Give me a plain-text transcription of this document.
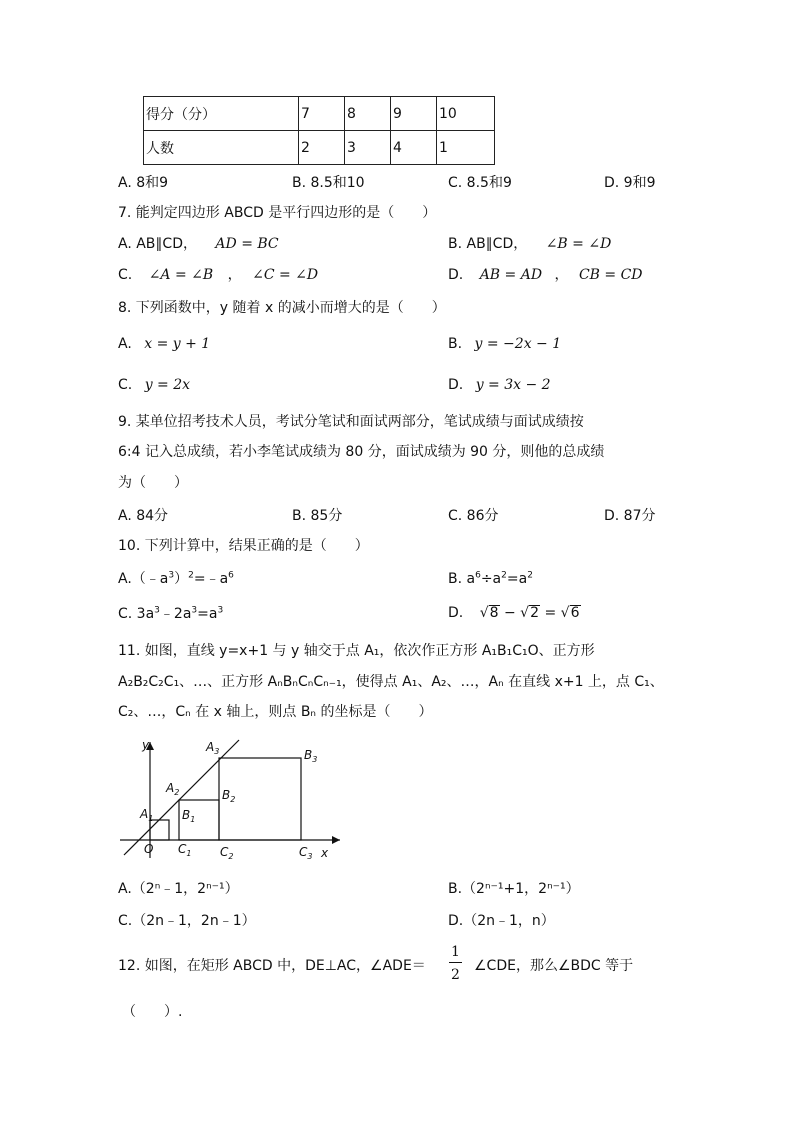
得分（分）	7	8	9	10
人数	2	3	4	1
A. 8和9	B. 8.5和10	C. 8.5和9	D. 9和9
7. 能判定四边形 ABCD 是平行四边形的是（　　）
A. AB∥CD， AD = BC	B. AB∥CD， ∠B = ∠D
C. ∠A = ∠B ， ∠C = ∠D	D. AB = AD ， CB = CD
8. 下列函数中，y 随着 x 的减小而增大的是（　　）
A. x = y + 1	B. y = −2x − 1
C. y = 2x	D. y = 3x − 2
9. 某单位招考技术人员，考试分笔试和面试两部分，笔试成绩与面试成绩按
6:4 记入总成绩，若小李笔试成绩为 80 分，面试成绩为 90 分，则他的总成绩
为（　　）
A. 84分	B. 85分	C. 86分	D. 87分
10. 下列计算中，结果正确的是（　　）
$A.(﹣a^3)^2=﹣a^6$	B. $a^6\div a^2=a^2$
C. $3a^3﹣2a^3=a^3$	D. √8 − √2 = √6
11. 如图，直线 y=x+1 与 y 轴交于点 A₁，依次作正方形 A₁B₁C₁O、正方形
A₂B₂C₂C₁、…、正方形 AₙBₙCₙCₙ₋₁，使得点 A₁、A₂、…，Aₙ 在直线 x+1 上，点 C₁、
C₂、…，Cₙ 在 x 轴上，则点 Bₙ 的坐标是（　　）
y
x
O
$A_1$
$A_2$
$A_3$
$B_1$
$B_2$
$B_3$
$C_1$ $C_2$	$C_3$
A.（2ⁿ﹣1，2ⁿ⁻¹）	B.（2ⁿ⁻¹+1，2ⁿ⁻¹）
C.（2n﹣1，2n﹣1）	D.（2n﹣1，n）
12. 如图，在矩形 ABCD 中，DE⊥AC，∠ADE＝ $\frac{1}{2}$ ∠CDE，那么∠BDC 等于
（　　）.
